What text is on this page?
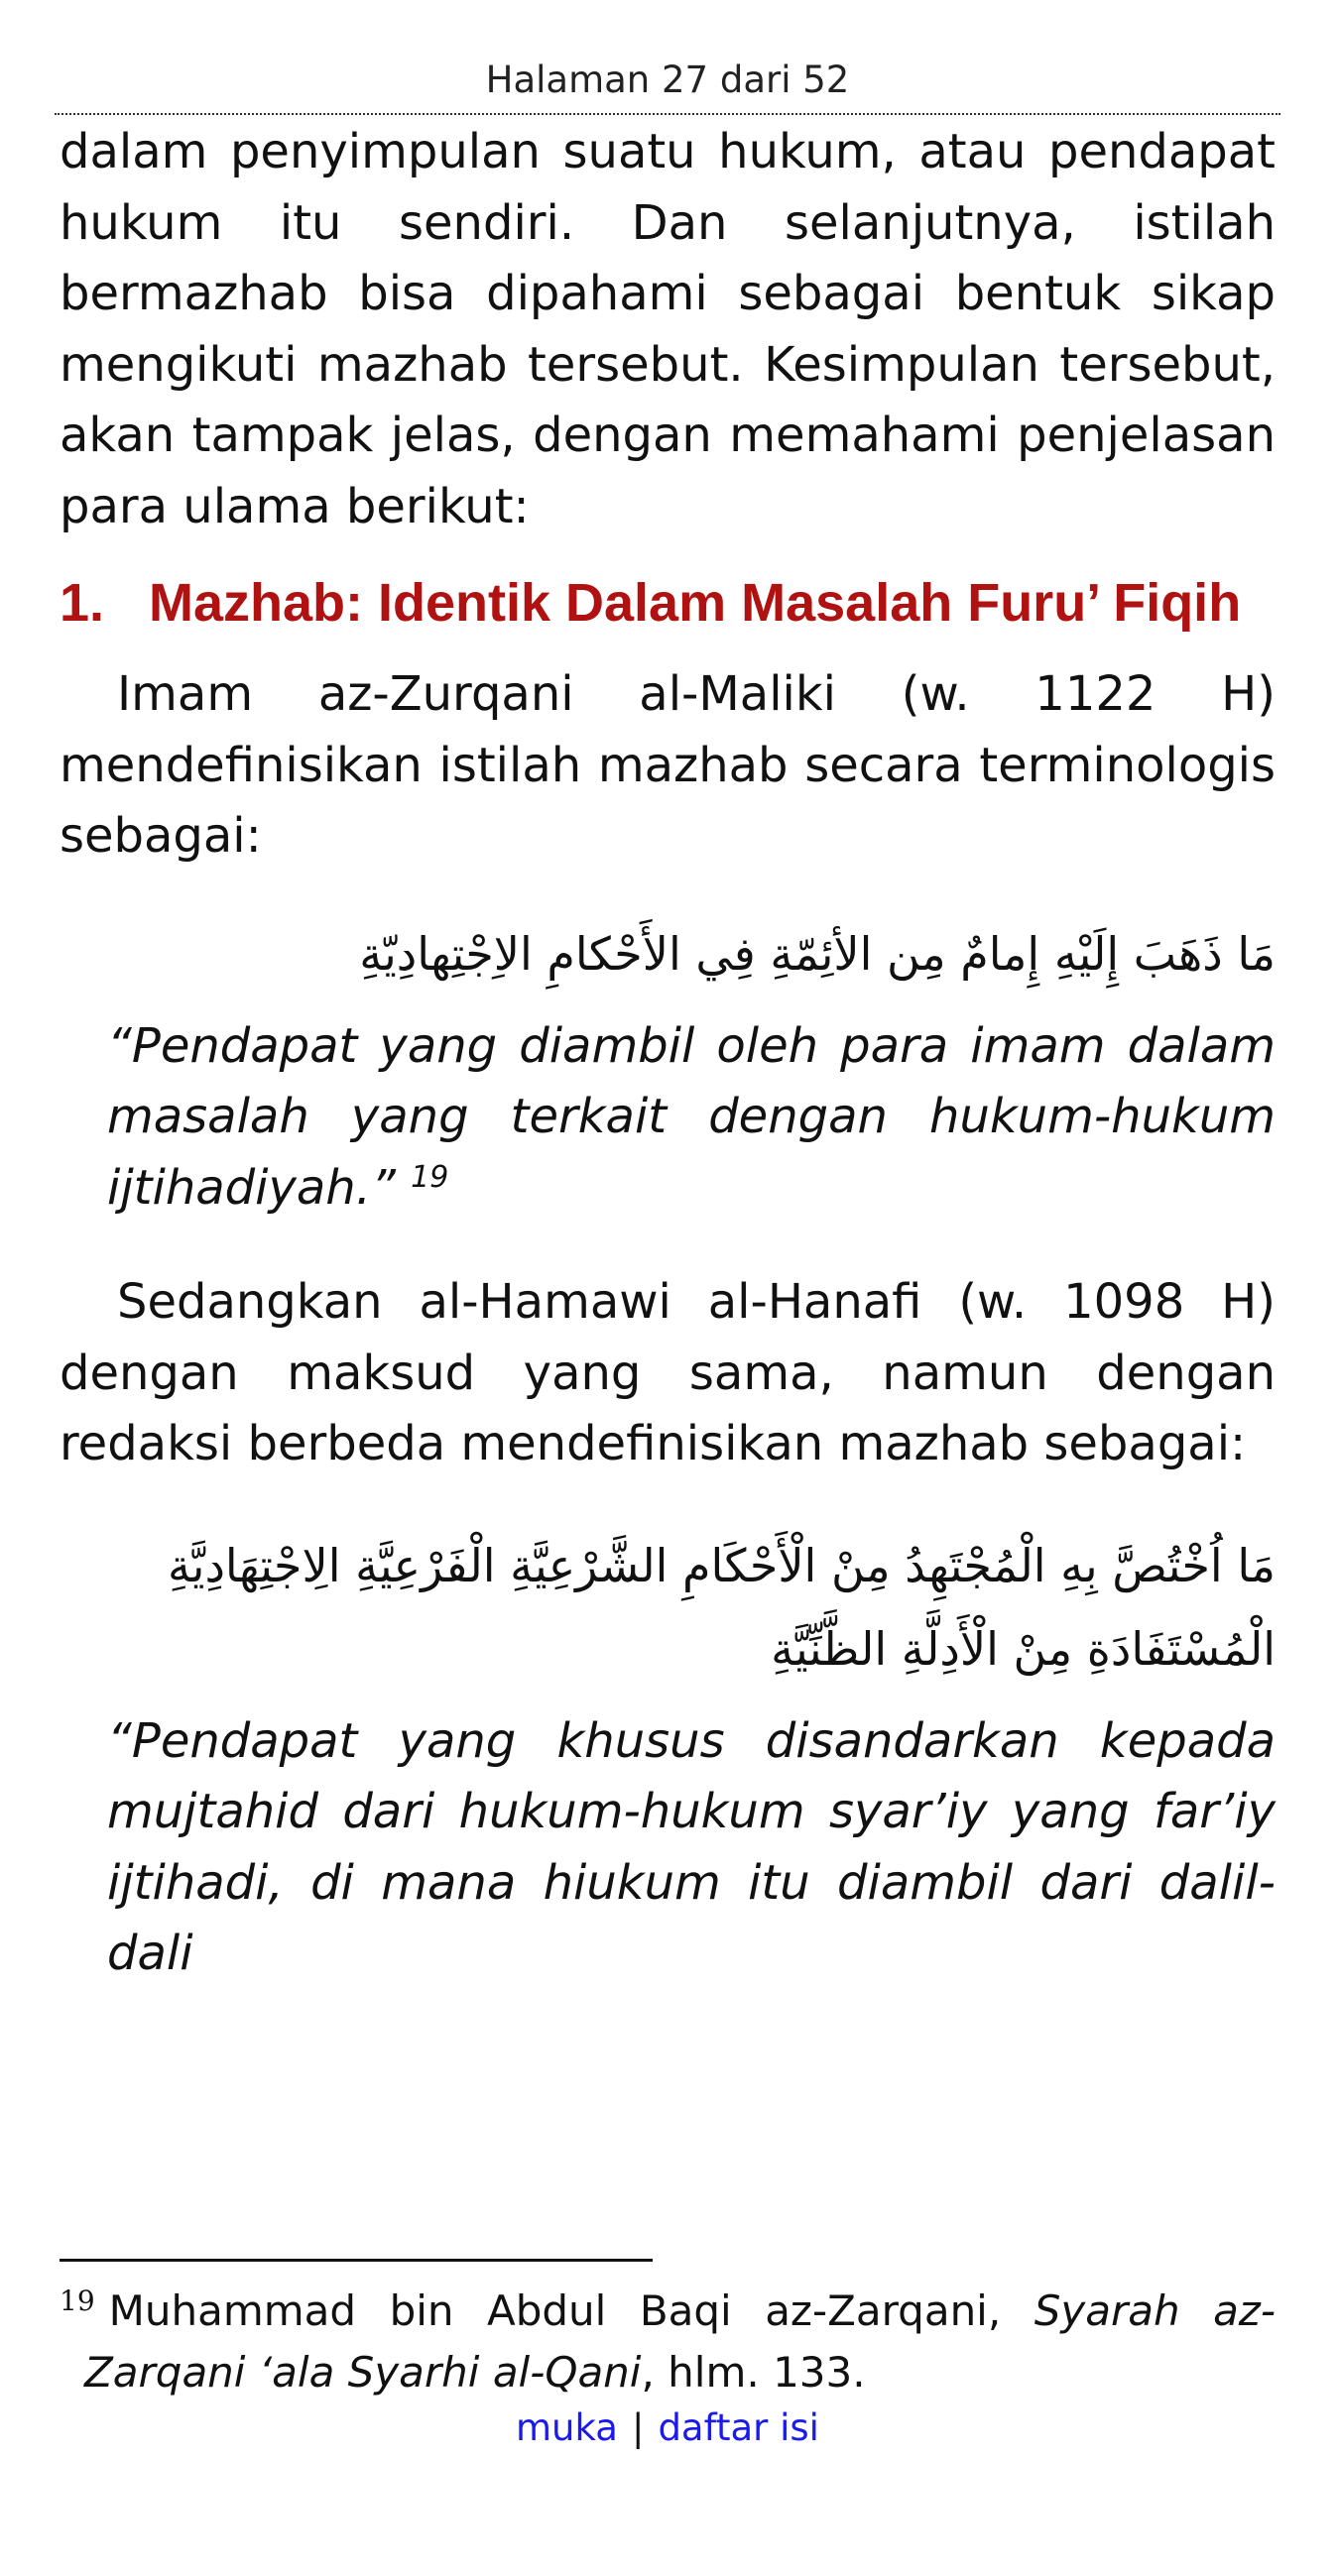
Halaman 27 dari 52

dalam penyimpulan suatu hukum, atau pendapat hukum itu sendiri. Dan selanjutnya, istilah bermazhab bisa dipahami sebagai bentuk sikap mengikuti mazhab tersebut. Kesimpulan tersebut, akan tampak jelas, dengan memahami penjelasan para ulama berikut:

1. Mazhab: Identik Dalam Masalah Furu’ Fiqih

Imam az-Zurqani al-Maliki (w. 1122 H) mendefinisikan istilah mazhab secara terminologis sebagai:

مَا ذَهَبَ إِلَيْهِ إِمامٌ مِن الأئِمّةِ فِي الأَحْكامِ الاِجْتِهادِيّةِ

“Pendapat yang diambil oleh para imam dalam masalah yang terkait dengan hukum-hukum ijtihadiyah.” $^{19}$

Sedangkan al-Hamawi al-Hanafi (w. 1098 H) dengan maksud yang sama, namun dengan redaksi berbeda mendefinisikan mazhab sebagai:

مَا اُخْتُصَّ بِهِ الْمُجْتَهِدُ مِنْ الْأَحْكَامِ الشَّرْعِيَّةِ الْفَرْعِيَّةِ الِاجْتِهَادِيَّةِ الْمُسْتَفَادَةِ مِنْ الْأَدِلَّةِ الظَّنِّيَّةِ

“Pendapat yang khusus disandarkan kepada mujtahid dari hukum-hukum syar’iy yang far’iy ijtihadi, di mana hiukum itu diambil dari dalil-dali

$^{19}$ Muhammad bin Abdul Baqi az-Zarqani, Syarah az-Zarqani ‘ala Syarhi al-Qani, hlm. 133.
muka | daftar isi
